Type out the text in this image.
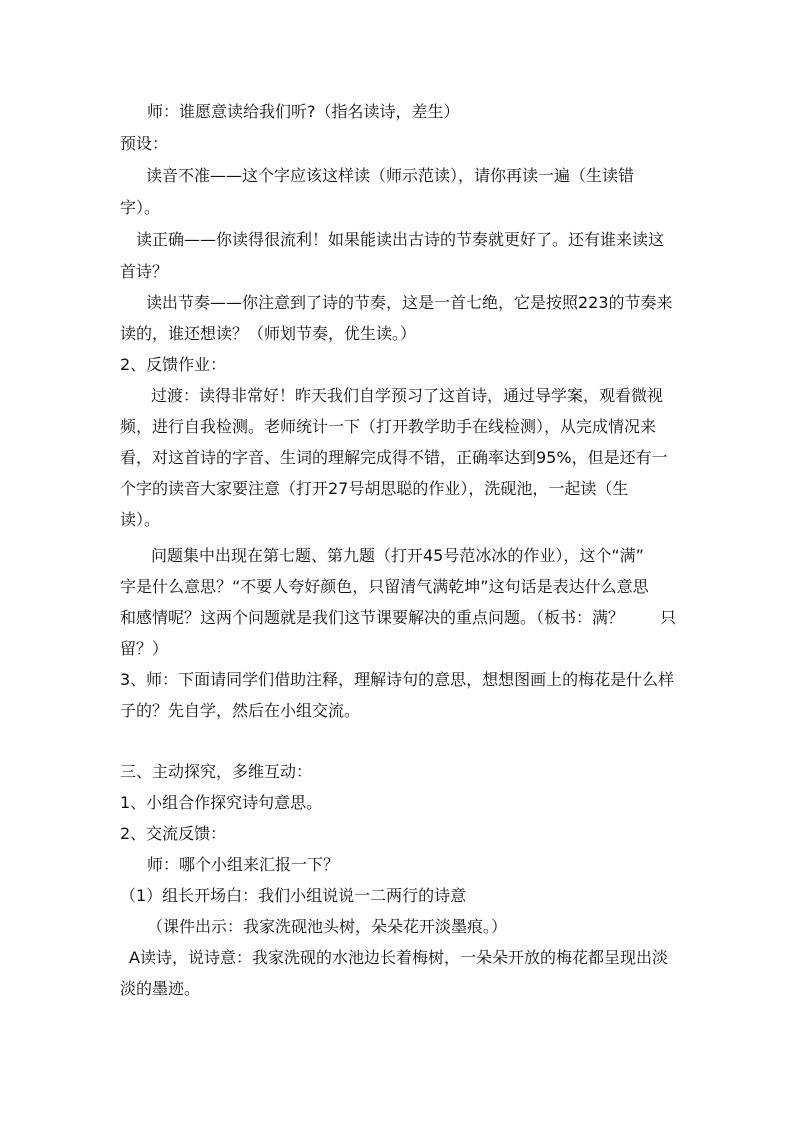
师：谁愿意读给我们听?（指名读诗，差生）
预设：
读音不准——这个字应该这样读（师示范读），请你再读一遍（生读错
字）。
读正确——你读得很流利！如果能读出古诗的节奏就更好了。还有谁来读这
首诗？
读出节奏——你注意到了诗的节奏，这是一首七绝，它是按照223的节奏来
读的，谁还想读？（师划节奏，优生读。）
2、反馈作业：
过渡：读得非常好！昨天我们自学预习了这首诗，通过导学案，观看微视
频，进行自我检测。老师统计一下（打开教学助手在线检测），从完成情况来
看，对这首诗的字音、生词的理解完成得不错，正确率达到95%，但是还有一
个字的读音大家要注意（打开27号胡思聪的作业），洗砚池，一起读（生
读）。
问题集中出现在第七题、第九题（打开45号范冰冰的作业），这个“满”
字是什么意思？“不要人夸好颜色，只留清气满乾坤”这句话是表达什么意思
和感情呢？这两个问题就是我们这节课要解决的重点问题。（板书：满？ 只
留？）
3、师：下面请同学们借助注释，理解诗句的意思，想想图画上的梅花是什么样
子的？先自学，然后在小组交流。
三、主动探究，多维互动：
1、小组合作探究诗句意思。
2、交流反馈：
师：哪个小组来汇报一下？
（1）组长开场白：我们小组说说一二两行的诗意
（课件出示：我家洗砚池头树，朵朵花开淡墨痕。）
A读诗，说诗意：我家洗砚的水池边长着梅树，一朵朵开放的梅花都呈现出淡
淡的墨迹。
